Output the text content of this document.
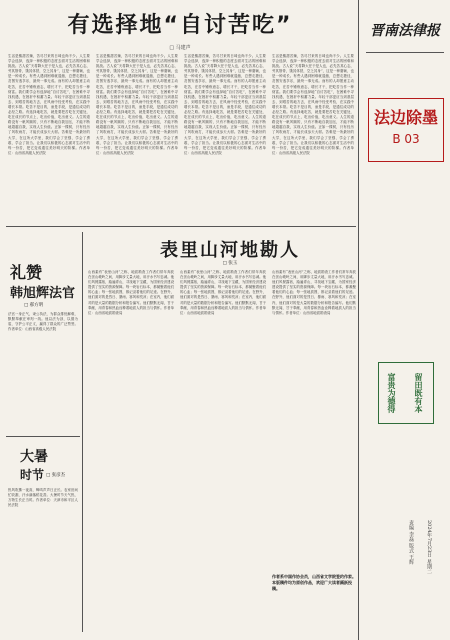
有选择地“自讨苦吃”
□ 马建声
生活是酸甜苦辣，苦尽甘来的日味也尚不少。人生要学会选择，选择一种积极的态度去面对生活的困难和挑战。古人说“天将降大任于是人也，必先苦其心志，劳其筋骨，饿其体肤，空乏其身”，这是一种磨砺，也是一种成长。有些人遇到困难就退缩，总想走捷径，贪图安逸享乐，最终一事无成。而有的人却愿意主动吃苦，在苦中锤炼意志，增长才干，把吃苦当作一种财富。我们要学会有选择地“自讨苦吃”，在困难中寻找机遇，在挫折中积蓄力量。年轻干部更应当到基层去、到艰苦的地方去，在风雨中经受考验，在实践中增长本领。吃苦不是目的，而是手段，是通往成功的必经之路。有选择地吃苦，就是要把苦吃在关键处，吃在成长的节点上，吃出价值，吃出意义。人生的道路没有一帆风顺的，只有不断地自我加压，才能不断地超越自我，实现人生价值。正如一棵树，只有经历了风吹雨打，才能长成参天大树。苦难是一所最好的大学，在这所大学里，我们学会了坚强、学会了勇敢、学会了担当。让我们以积极的心态面对生活中的每一份苦，把它变成通往美好明天的阶梯。作者单位：山西省高级人民法院
生活是酸甜苦辣，苦尽甘来的日味也尚不少。人生要学会选择，选择一种积极的态度去面对生活的困难和挑战。古人说“天将降大任于是人也，必先苦其心志，劳其筋骨，饿其体肤，空乏其身”，这是一种磨砺，也是一种成长。有些人遇到困难就退缩，总想走捷径，贪图安逸享乐，最终一事无成。而有的人却愿意主动吃苦，在苦中锤炼意志，增长才干，把吃苦当作一种财富。我们要学会有选择地“自讨苦吃”，在困难中寻找机遇，在挫折中积蓄力量。年轻干部更应当到基层去、到艰苦的地方去，在风雨中经受考验，在实践中增长本领。吃苦不是目的，而是手段，是通往成功的必经之路。有选择地吃苦，就是要把苦吃在关键处，吃在成长的节点上，吃出价值，吃出意义。人生的道路没有一帆风顺的，只有不断地自我加压，才能不断地超越自我，实现人生价值。正如一棵树，只有经历了风吹雨打，才能长成参天大树。苦难是一所最好的大学，在这所大学里，我们学会了坚强、学会了勇敢、学会了担当。让我们以积极的心态面对生活中的每一份苦，把它变成通往美好明天的阶梯。作者单位：山西省高级人民法院
生活是酸甜苦辣，苦尽甘来的日味也尚不少。人生要学会选择，选择一种积极的态度去面对生活的困难和挑战。古人说“天将降大任于是人也，必先苦其心志，劳其筋骨，饿其体肤，空乏其身”，这是一种磨砺，也是一种成长。有些人遇到困难就退缩，总想走捷径，贪图安逸享乐，最终一事无成。而有的人却愿意主动吃苦，在苦中锤炼意志，增长才干，把吃苦当作一种财富。我们要学会有选择地“自讨苦吃”，在困难中寻找机遇，在挫折中积蓄力量。年轻干部更应当到基层去、到艰苦的地方去，在风雨中经受考验，在实践中增长本领。吃苦不是目的，而是手段，是通往成功的必经之路。有选择地吃苦，就是要把苦吃在关键处，吃在成长的节点上，吃出价值，吃出意义。人生的道路没有一帆风顺的，只有不断地自我加压，才能不断地超越自我，实现人生价值。正如一棵树，只有经历了风吹雨打，才能长成参天大树。苦难是一所最好的大学，在这所大学里，我们学会了坚强、学会了勇敢、学会了担当。让我们以积极的心态面对生活中的每一份苦，把它变成通往美好明天的阶梯。作者单位：山西省高级人民法院
生活是酸甜苦辣，苦尽甘来的日味也尚不少。人生要学会选择，选择一种积极的态度去面对生活的困难和挑战。古人说“天将降大任于是人也，必先苦其心志，劳其筋骨，饿其体肤，空乏其身”，这是一种磨砺，也是一种成长。有些人遇到困难就退缩，总想走捷径，贪图安逸享乐，最终一事无成。而有的人却愿意主动吃苦，在苦中锤炼意志，增长才干，把吃苦当作一种财富。我们要学会有选择地“自讨苦吃”，在困难中寻找机遇，在挫折中积蓄力量。年轻干部更应当到基层去、到艰苦的地方去，在风雨中经受考验，在实践中增长本领。吃苦不是目的，而是手段，是通往成功的必经之路。有选择地吃苦，就是要把苦吃在关键处，吃在成长的节点上，吃出价值，吃出意义。人生的道路没有一帆风顺的，只有不断地自我加压，才能不断地超越自我，实现人生价值。正如一棵树，只有经历了风吹雨打，才能长成参天大树。苦难是一所最好的大学，在这所大学里，我们学会了坚强、学会了勇敢、学会了担当。让我们以积极的心态面对生活中的每一份苦，把它变成通往美好明天的阶梯。作者单位：山西省高级人民法院
礼赞
韩旭辉法官
□ 郝方明
法官一身正气，秉公执法，为群众排忧解难，默默奉献在审判一线。他以法为剑，以德为盾，守护公平正义，赢得了群众的广泛赞誉。作者单位：山西省高级人民法院
大暑
时节 □ 张彦杰
热风吹拂一夜高，蝉鸣声声日正长。农家田间忙收割，汗水滴落稻花香。大暑时节天气热，万物生长正当时。作者单位：天津市和平区人民法院
表里山河地勘人
□ 张玉
山西素有“表里山河”之称，地质勘查工作者们常年奔波在崇山峻岭之间，用脚步丈量大地，用汗水书写忠诚。他们风餐露宿，踏遍青山，寻找地下宝藏，为国家经济建设提供了坚实的资源保障。每一块岩石标本，都凝聚着他们的心血；每一张地质图，都记录着他们的足迹。在野外，他们面对的是烈日、暴雨、寒风和荒凉；在室内，他们面对的是大量的数据分析和报告编写。他们默默无闻，甘于奉献，用青春和热血诠释着地质人的担当与情怀。作者单位：山西省地质勘查局
山西素有“表里山河”之称，地质勘查工作者们常年奔波在崇山峻岭之间，用脚步丈量大地，用汗水书写忠诚。他们风餐露宿，踏遍青山，寻找地下宝藏，为国家经济建设提供了坚实的资源保障。每一块岩石标本，都凝聚着他们的心血；每一张地质图，都记录着他们的足迹。在野外，他们面对的是烈日、暴雨、寒风和荒凉；在室内，他们面对的是大量的数据分析和报告编写。他们默默无闻，甘于奉献，用青春和热血诠释着地质人的担当与情怀。作者单位：山西省地质勘查局
山西素有“表里山河”之称，地质勘查工作者们常年奔波在崇山峻岭之间，用脚步丈量大地，用汗水书写忠诚。他们风餐露宿，踏遍青山，寻找地下宝藏，为国家经济建设提供了坚实的资源保障。每一块岩石标本，都凝聚着他们的心血；每一张地质图，都记录着他们的足迹。在野外，他们面对的是烈日、暴雨、寒风和荒凉；在室内，他们面对的是大量的数据分析和报告编写。他们默默无闻，甘于奉献，用青春和热血诠释着地质人的担当与情怀。作者单位：山西省地质勘查局
作者系中国作协会员，山西省文学院签约作家。本版稿件均为原创作品，欢迎广大读者踊跃投稿。
晋南法律报
法边除墨
B 03
富贵为德得 留田既有本
责编 李磊 版式 王辉 2024年7月23日 星期二
